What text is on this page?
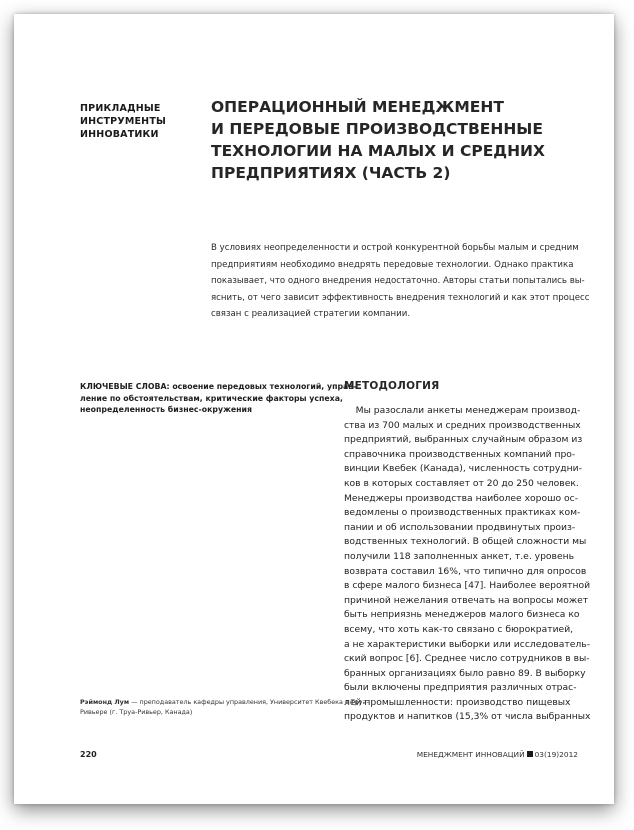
ПРИКЛАДНЫЕ
ИНСТРУМЕНТЫ
ИННОВАТИКИ
ОПЕРАЦИОННЫЙ МЕНЕДЖМЕНТ
И ПЕРЕДОВЫЕ ПРОИЗВОДСТВЕННЫЕ
ТЕХНОЛОГИИ НА МАЛЫХ И СРЕДНИХ
ПРЕДПРИЯТИЯХ (ЧАСТЬ 2)

В условиях неопределенности и острой конкурентной борьбы малым и средним
предприятиям необходимо внедрять передовые технологии. Однако практика
показывает, что одного внедрения недостаточно. Авторы статьи попытались вы-
яснить, от чего зависит эффективность внедрения технологий и как этот процесс
связан с реализацией стратегии компании.

КЛЮЧЕВЫЕ СЛОВА: освоение передовых технологий, управ-
ление по обстоятельствам, критические факторы успеха,
неопределенность бизнес-окружения
МЕТОДОЛОГИЯ
Мы разослали анкеты менеджерам производ-
ства из 700 малых и средних производственных
предприятий, выбранных случайным образом из
справочника производственных компаний про-
винции Квебек (Канада), численность сотрудни-
ков в которых составляет от 20 до 250 человек.
Менеджеры производства наиболее хорошо ос-
ведомлены о производственных практиках ком-
пании и об использовании продвинутых произ-
водственных технологий. В общей сложности мы
получили 118 заполненных анкет, т.е. уровень
возврата составил 16%, что типично для опросов
в сфере малого бизнеса [47]. Наиболее вероятной
причиной нежелания отвечать на вопросы может
быть неприязнь менеджеров малого бизнеса ко
всему, что хоть как-то связано с бюрократией,
а не характеристики выборки или исследователь-
ский вопрос [6]. Среднее число сотрудников в вы-
бранных организациях было равно 89. В выборку
были включены предприятия различных отрас-
лей промышленности: производство пищевых
продуктов и напитков (15,3% от числа выбранных
Рэймонд Лум — преподаватель кафедры управления, Университет Квебека в Труа-
Ривьере (г. Труа-Ривьер, Канада)
220	МЕНЕДЖМЕНТ ИННОВАЦИЙ 03(19)2012
